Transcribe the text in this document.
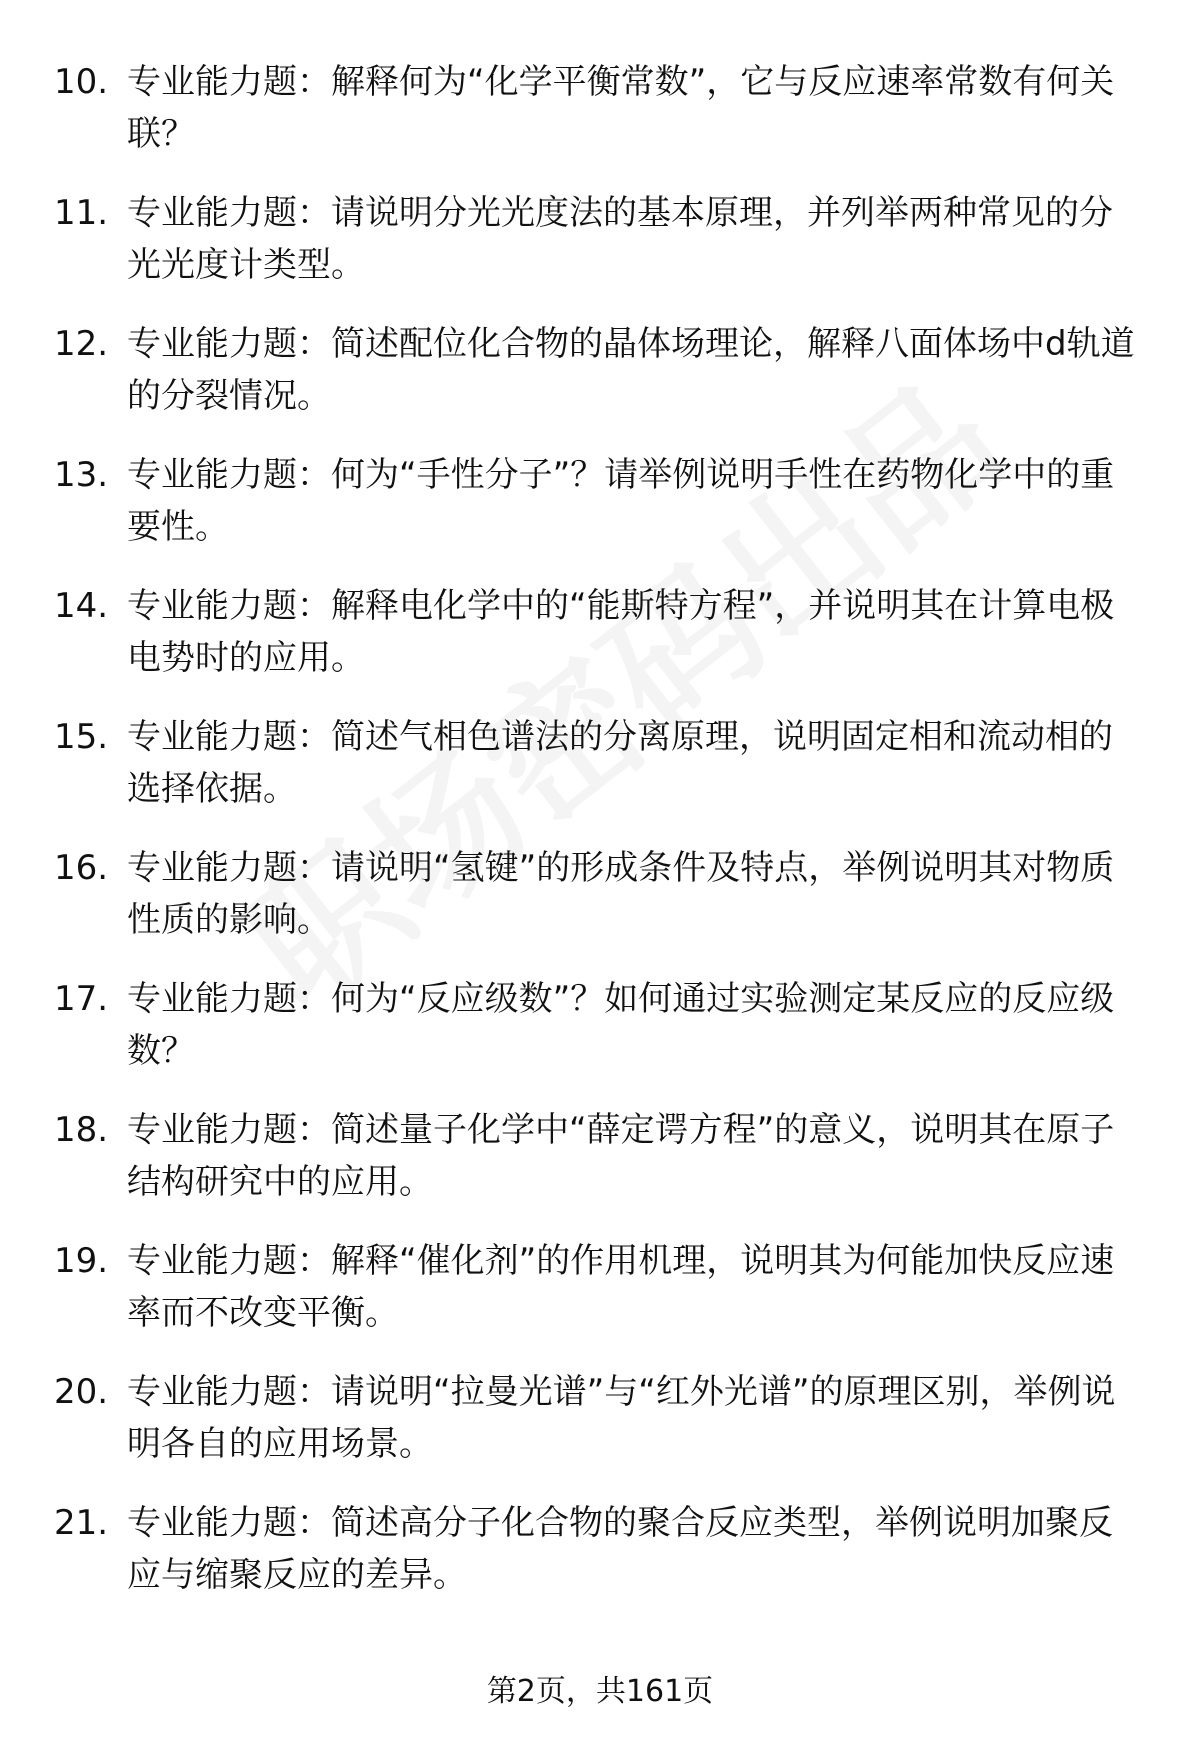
10. 专业能力题：解释何为“化学平衡常数”，它与反应速率常数有何关联？
11. 专业能力题：请说明分光光度法的基本原理，并列举两种常见的分光光度计类型。
12. 专业能力题：简述配位化合物的晶体场理论，解释八面体场中d轨道的分裂情况。
13. 专业能力题：何为“手性分子”？请举例说明手性在药物化学中的重要性。
14. 专业能力题：解释电化学中的“能斯特方程”，并说明其在计算电极电势时的应用。
15. 专业能力题：简述气相色谱法的分离原理，说明固定相和流动相的选择依据。
16. 专业能力题：请说明“氢键”的形成条件及特点，举例说明其对物质性质的影响。
17. 专业能力题：何为“反应级数”？如何通过实验测定某反应的反应级数？
18. 专业能力题：简述量子化学中“薛定谔方程”的意义，说明其在原子结构研究中的应用。
19. 专业能力题：解释“催化剂”的作用机理，说明其为何能加快反应速率而不改变平衡。
20. 专业能力题：请说明“拉曼光谱”与“红外光谱”的原理区别，举例说明各自的应用场景。
21. 专业能力题：简述高分子化合物的聚合反应类型，举例说明加聚反应与缩聚反应的差异。
第2页，共161页
